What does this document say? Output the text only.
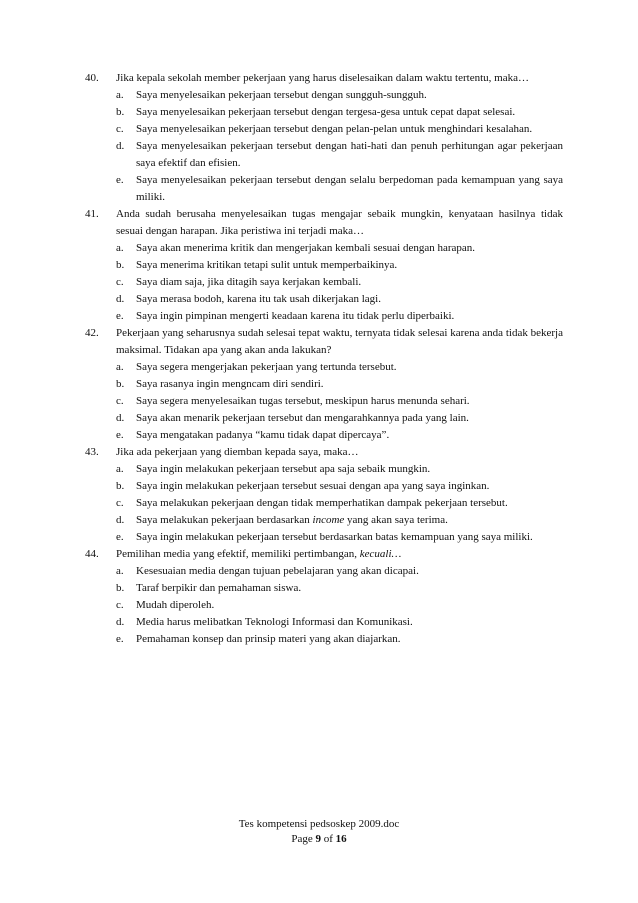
40.	Jika kepala sekolah member pekerjaan yang harus diselesaikan dalam waktu tertentu, maka…
a.	Saya menyelesaikan pekerjaan tersebut dengan sungguh-sungguh.
b.	Saya menyelesaikan pekerjaan tersebut dengan tergesa-gesa untuk cepat dapat selesai.
c.	Saya menyelesaikan pekerjaan tersebut dengan pelan-pelan untuk menghindari kesalahan.
d.	Saya menyelesaikan pekerjaan tersebut dengan hati-hati dan penuh perhitungan agar pekerjaan saya efektif dan efisien.
e.	Saya menyelesaikan pekerjaan tersebut dengan selalu berpedoman pada kemampuan yang saya miliki.
41.	Anda sudah berusaha menyelesaikan tugas mengajar sebaik mungkin, kenyataan hasilnya tidak sesuai dengan harapan. Jika peristiwa ini terjadi maka…
a.	Saya akan menerima kritik dan mengerjakan kembali sesuai dengan harapan.
b.	Saya menerima kritikan tetapi sulit untuk memperbaikinya.
c.	Saya diam saja, jika ditagih saya kerjakan kembali.
d.	Saya merasa bodoh, karena itu tak usah dikerjakan lagi.
e.	Saya ingin pimpinan mengerti keadaan karena itu tidak perlu diperbaiki.
42.	Pekerjaan yang seharusnya sudah selesai tepat waktu, ternyata tidak selesai karena anda tidak bekerja maksimal. Tidakan apa yang akan anda lakukan?
a.	Saya segera mengerjakan pekerjaan yang tertunda tersebut.
b.	Saya rasanya ingin mengncam diri sendiri.
c.	Saya segera menyelesaikan tugas tersebut, meskipun harus menunda sehari.
d.	Saya akan menarik pekerjaan tersebut dan mengarahkannya pada yang lain.
e.	Saya mengatakan padanya “kamu tidak dapat dipercaya”.
43.	Jika ada pekerjaan yang diemban kepada saya, maka…
a.	Saya ingin melakukan pekerjaan tersebut apa saja sebaik mungkin.
b.	Saya ingin melakukan pekerjaan tersebut sesuai dengan apa yang saya inginkan.
c.	Saya melakukan pekerjaan dengan tidak memperhatikan dampak pekerjaan tersebut.
d.	Saya melakukan pekerjaan berdasarkan income yang akan saya terima.
e.	Saya ingin melakukan pekerjaan tersebut berdasarkan batas kemampuan yang saya miliki.
44.	Pemilihan media yang efektif, memiliki pertimbangan, kecuali…
a.	Kesesuaian media dengan tujuan pebelajaran yang akan dicapai.
b.	Taraf berpikir dan pemahaman siswa.
c.	Mudah diperoleh.
d.	Media harus melibatkan Teknologi Informasi dan Komunikasi.
e.	Pemahaman konsep dan prinsip materi yang akan diajarkan.
Tes kompetensi pedsoskep 2009.doc
Page 9 of 16
